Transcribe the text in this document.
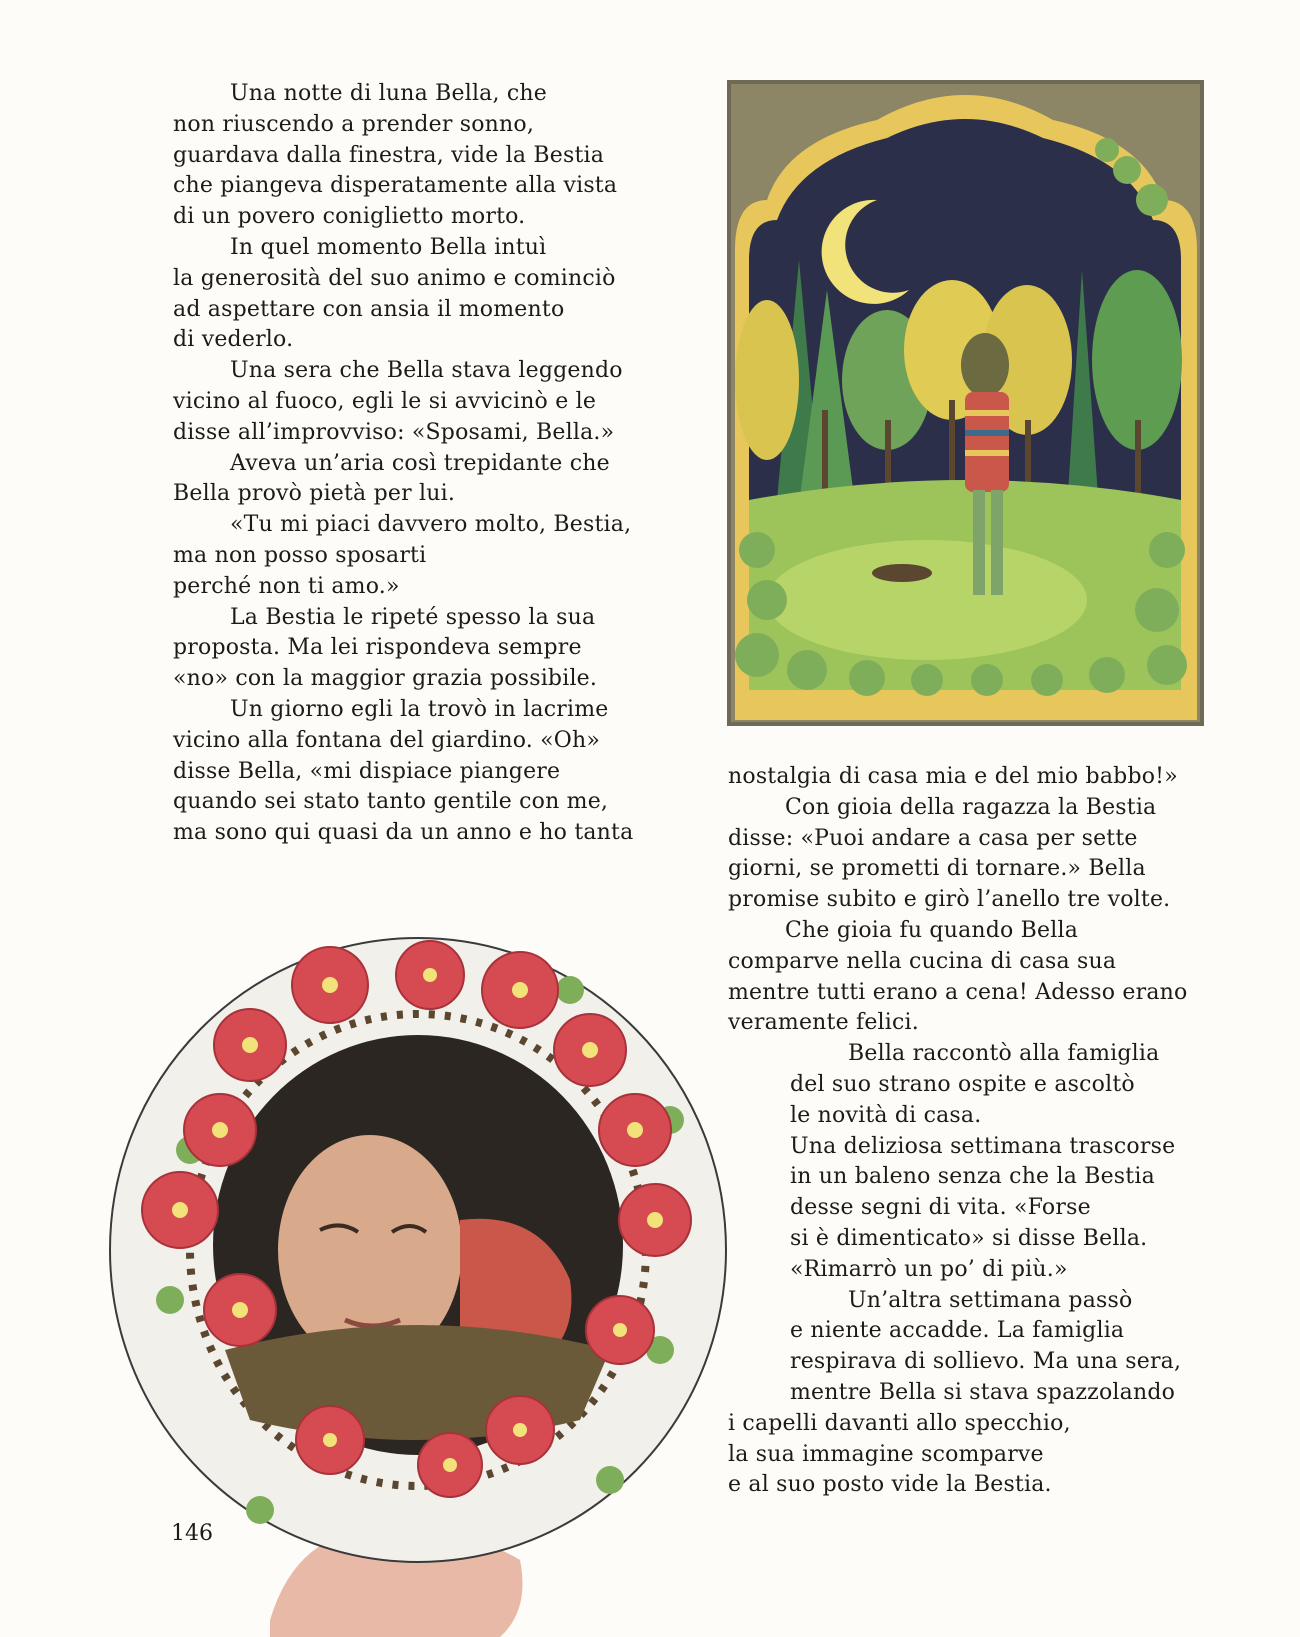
Una notte di luna Bella, che

non riuscendo a prender sonno,

guardava dalla finestra, vide la Bestia

che piangeva disperatamente alla vista

di un povero coniglietto morto.

In quel momento Bella intuì

la generosità del suo animo e cominciò

ad aspettare con ansia il momento

di vederlo.

Una sera che Bella stava leggendo

vicino al fuoco, egli le si avvicinò e le

disse all’improvviso: «Sposami, Bella.»

Aveva un’aria così trepidante che

Bella provò pietà per lui.

«Tu mi piaci davvero molto, Bestia,

ma non posso sposarti

perché non ti amo.»

La Bestia le ripeté spesso la sua

proposta. Ma lei rispondeva sempre

«no» con la maggior grazia possibile.

Un giorno egli la trovò in lacrime

vicino alla fontana del giardino. «Oh»

disse Bella, «mi dispiace piangere

quando sei stato tanto gentile con me,

ma sono qui quasi da un anno e ho tanta

nostalgia di casa mia e del mio babbo!»

Con gioia della ragazza la Bestia

disse: «Puoi andare a casa per sette

giorni, se prometti di tornare.» Bella

promise subito e girò l’anello tre volte.

Che gioia fu quando Bella

comparve nella cucina di casa sua

mentre tutti erano a cena! Adesso erano

veramente felici.

Bella raccontò alla famiglia

del suo strano ospite e ascoltò

le novità di casa.

Una deliziosa settimana trascorse

in un baleno senza che la Bestia

desse segni di vita. «Forse

si è dimenticato» si disse Bella.

«Rimarrò un po’ di più.»

Un’altra settimana passò

e niente accadde. La famiglia

respirava di sollievo. Ma una sera,

mentre Bella si stava spazzolando

i capelli davanti allo specchio,

la sua immagine scomparve

e al suo posto vide la Bestia.

146
